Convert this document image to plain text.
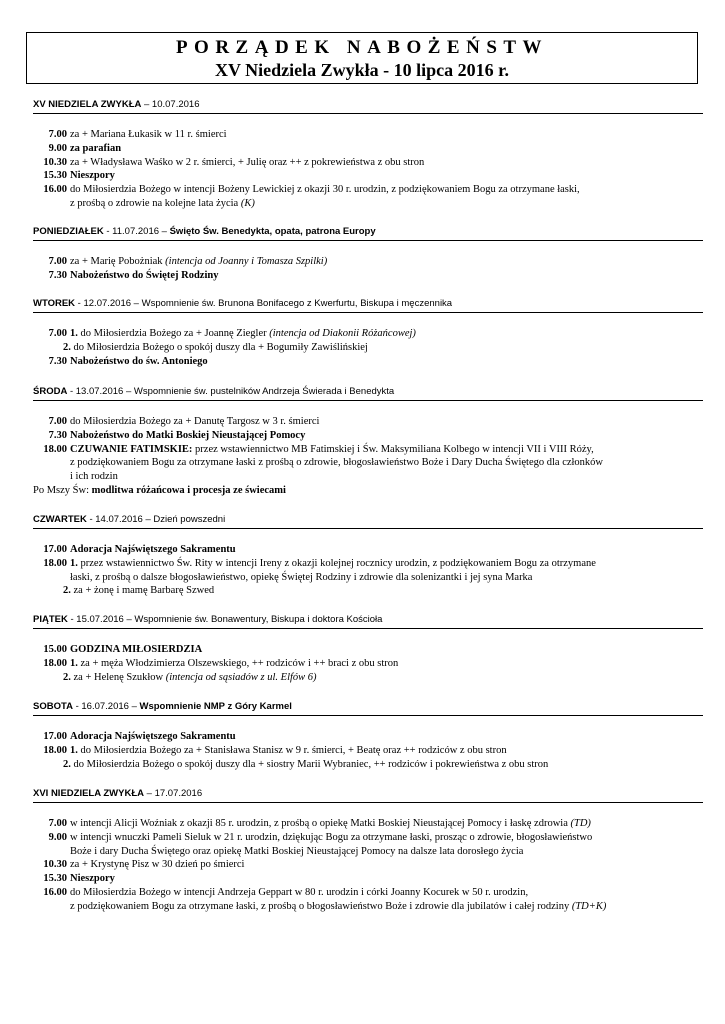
PORZĄDEK NABOŻEŃSTW
XV Niedziela Zwykła - 10 lipca 2016 r.
XV NIEDZIELA ZWYKŁA – 10.07.2016
7.00 za + Mariana Łukasik w 11 r. śmierci
9.00 za parafian
10.30 za + Władysława Waśko w 2 r. śmierci, + Julię oraz ++ z pokrewieństwa z obu stron
15.30 Nieszpory
16.00 do Miłosierdzia Bożego w intencji Bożeny Lewickiej z okazji 30 r. urodzin, z podziękowaniem Bogu za otrzymane łaski,
z prośbą o zdrowie na kolejne lata życia (K)
PONIEDZIAŁEK - 11.07.2016 – Święto Św. Benedykta, opata, patrona Europy
7.00 za + Marię Pobożniak (intencja od Joanny i Tomasza Szpilki)
7.30 Nabożeństwo do Świętej Rodziny
WTOREK - 12.07.2016 – Wspomnienie św. Brunona Bonifacego z Kwerfurtu, Biskupa i męczennika
7.00 1. do Miłosierdzia Bożego za + Joannę Ziegler (intencja od Diakonii Różańcowej)
2. do Miłosierdzia Bożego o spokój duszy dla + Bogumiły Zawiślińskiej
7.30 Nabożeństwo do św. Antoniego
ŚRODA - 13.07.2016 – Wspomnienie św. pustelników Andrzeja Świerada i Benedykta
7.00 do Miłosierdzia Bożego za + Danutę Targosz w 3 r. śmierci
7.30 Nabożeństwo do Matki Boskiej Nieustającej Pomocy
18.00 CZUWANIE FATIMSKIE: przez wstawiennictwo MB Fatimskiej i Św. Maksymiliana Kolbego w intencji VII i VIII Róży,
z podziękowaniem Bogu za otrzymane łaski z prośbą o zdrowie, błogosławieństwo Boże i Dary Ducha Świętego dla członków
i ich rodzin
Po Mszy Św: modlitwa różańcowa i procesja ze świecami
CZWARTEK - 14.07.2016 – Dzień powszedni
17.00 Adoracja Najświętszego Sakramentu
18.00 1. przez wstawiennictwo Św. Rity w intencji Ireny z okazji kolejnej rocznicy urodzin, z podziękowaniem Bogu za otrzymane
łaski, z prośbą o dalsze błogosławieństwo, opiekę Świętej Rodziny i zdrowie dla solenizantki i jej syna Marka
2. za + żonę i mamę Barbarę Szwed
PIĄTEK - 15.07.2016 – Wspomnienie św. Bonawentury, Biskupa i doktora Kościoła
15.00 GODZINA MIŁOSIERDZIA
18.00 1. za + męża Włodzimierza Olszewskiego, ++ rodziców i ++ braci z obu stron
2. za + Helenę Szukłow (intencja od sąsiadów z ul. Elfów 6)
SOBOTA - 16.07.2016 – Wspomnienie NMP z Góry Karmel
17.00 Adoracja Najświętszego Sakramentu
18.00 1. do Miłosierdzia Bożego za + Stanisława Stanisz w 9 r. śmierci, + Beatę oraz ++ rodziców z obu stron
2. do Miłosierdzia Bożego o spokój duszy dla + siostry Marii Wybraniec, ++ rodziców i pokrewieństwa z obu stron
XVI NIEDZIELA ZWYKŁA – 17.07.2016
7.00 w intencji Alicji Woźniak z okazji 85 r. urodzin, z prośbą o opiekę Matki Boskiej Nieustającej Pomocy i łaskę zdrowia (TD)
9.00 w intencji wnuczki Pameli Sieluk w 21 r. urodzin, dziękując Bogu za otrzymane łaski, prosząc o zdrowie, błogosławieństwo
Boże i dary Ducha Świętego oraz opiekę Matki Boskiej Nieustającej Pomocy na dalsze lata dorosłego życia
10.30 za + Krystynę Pisz w 30 dzień po śmierci
15.30 Nieszpory
16.00 do Miłosierdzia Bożego w intencji Andrzeja Geppart w 80 r. urodzin i córki Joanny Kocurek w 50 r. urodzin,
z podziękowaniem Bogu za otrzymane łaski, z prośbą o błogosławieństwo Boże i zdrowie dla jubilatów i całej rodziny (TD+K)
